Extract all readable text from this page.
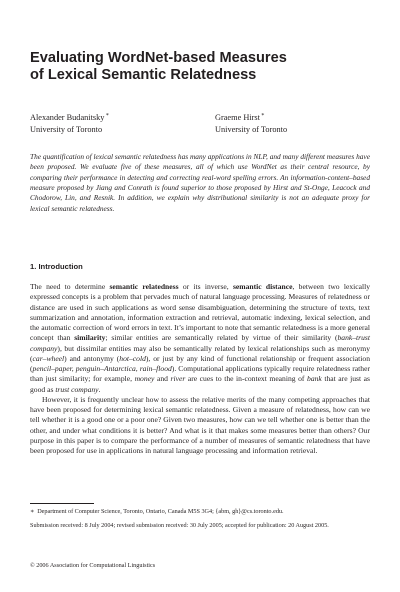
Evaluating WordNet-based Measures
of Lexical Semantic Relatedness
Alexander Budanitsky∗
University of Toronto
Graeme Hirst∗
University of Toronto

The quantification of lexical semantic relatedness has many applications in NLP, and many different measures have been proposed. We evaluate five of these measures, all of which use WordNet as their central resource, by comparing their performance in detecting and correcting real-word spelling errors. An information-content–based measure proposed by Jiang and Conrath is found superior to those proposed by Hirst and St-Onge, Leacock and Chodorow, Lin, and Resnik. In addition, we explain why distributional similarity is not an adequate proxy for lexical semantic relatedness.

1. Introduction

The need to determine semantic relatedness or its inverse, semantic distance, between two lexically expressed concepts is a problem that pervades much of natural language processing. Measures of relatedness or distance are used in such applications as word sense disambiguation, determining the structure of texts, text summarization and annotation, information extraction and retrieval, automatic indexing, lexical selection, and the automatic correction of word errors in text. It’s important to note that semantic relatedness is a more general concept than similarity; similar entities are semantically related by virtue of their similarity (bank–trust company), but dissimilar entities may also be semantically related by lexical relationships such as meronymy (car–wheel) and antonymy (hot–cold), or just by any kind of functional relationship or frequent association (pencil–paper, penguin–Antarctica, rain–flood). Computational applications typically require relatedness rather than just similarity; for example, money and river are cues to the in-context meaning of bank that are just as good as trust company.

However, it is frequently unclear how to assess the relative merits of the many competing approaches that have been proposed for determining lexical semantic relatedness. Given a measure of relatedness, how can we tell whether it is a good one or a poor one? Given two measures, how can we tell whether one is better than the other, and under what conditions it is better? And what is it that makes some measures better than others? Our purpose in this paper is to compare the performance of a number of measures of semantic relatedness that have been proposed for use in applications in natural language processing and information retrieval.

∗ Department of Computer Science, Toronto, Ontario, Canada M5S 3G4; {abm, gh}@cs.toronto.edu.

Submission received: 8 July 2004; revised submission received: 30 July 2005; accepted for publication: 20 August 2005.

© 2006 Association for Computational Linguistics
